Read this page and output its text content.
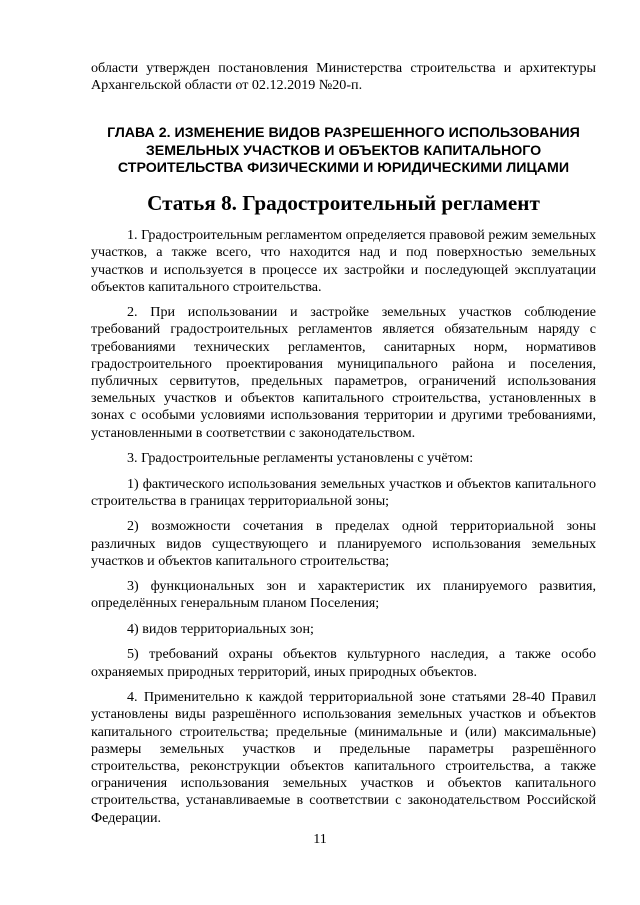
области утвержден постановления Министерства строительства и архитектуры Архангельской области от 02.12.2019 №20-п.

ГЛАВА 2. ИЗМЕНЕНИЕ ВИДОВ РАЗРЕШЕННОГО ИСПОЛЬЗОВАНИЯ ЗЕМЕЛЬНЫХ УЧАСТКОВ И ОБЪЕКТОВ КАПИТАЛЬНОГО СТРОИТЕЛЬСТВА ФИЗИЧЕСКИМИ И ЮРИДИЧЕСКИМИ ЛИЦАМИ
Статья 8. Градостроительный регламент

1. Градостроительным регламентом определяется правовой режим земельных участков, а также всего, что находится над и под поверхностью земельных участков и используется в процессе их застройки и последующей эксплуатации объектов капитального строительства.

2. При использовании и застройке земельных участков соблюдение требований градостроительных регламентов является обязательным наряду с требованиями технических регламентов, санитарных норм, нормативов градостроительного проектирования муниципального района и поселения, публичных сервитутов, предельных параметров, ограничений использования земельных участков и объектов капитального строительства, установленных в зонах с особыми условиями использования территории и другими требованиями, установленными в соответствии с законодательством.

3. Градостроительные регламенты установлены с учётом:

1) фактического использования земельных участков и объектов капитального строительства в границах территориальной зоны;

2) возможности сочетания в пределах одной территориальной зоны различных видов существующего и планируемого использования земельных участков и объектов капитального строительства;

3) функциональных зон и характеристик их планируемого развития, определённых генеральным планом Поселения;

4) видов территориальных зон;

5) требований охраны объектов культурного наследия, а также особо охраняемых природных территорий, иных природных объектов.

4. Применительно к каждой территориальной зоне статьями 28-40 Правил установлены виды разрешённого использования земельных участков и объектов капитального строительства; предельные (минимальные и (или) максимальные) размеры земельных участков и предельные параметры разрешённого строительства, реконструкции объектов капитального строительства, а также ограничения использования земельных участков и объектов капитального строительства, устанавливаемые в соответствии с законодательством Российской Федерации.

11
